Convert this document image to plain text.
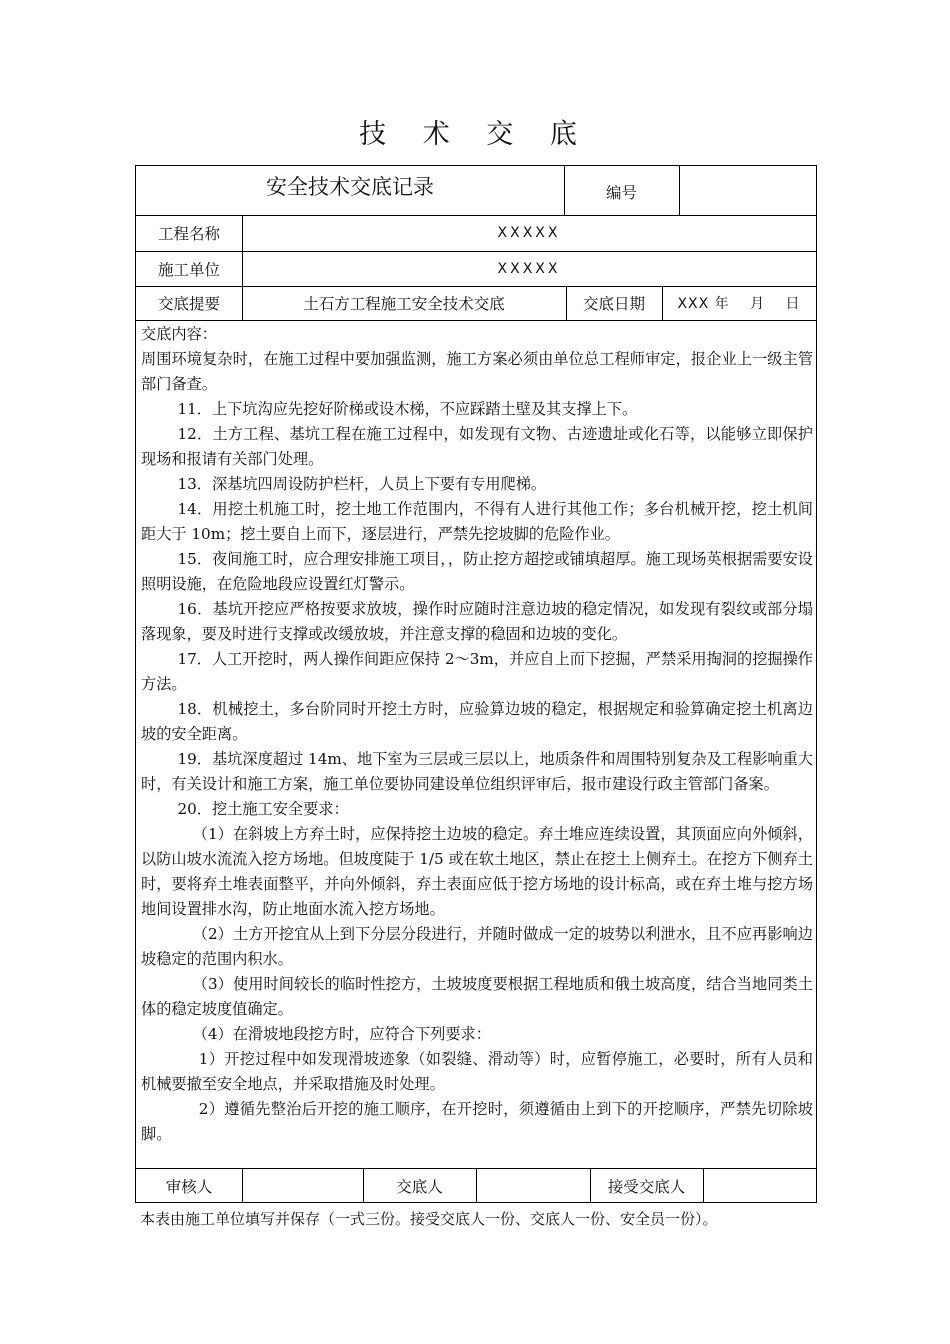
技 术 交 底
安全技术交底记录	编号
工程名称	XXXXX
施工单位	XXXXX
交底提要	土石方工程施工安全技术交底	交底日期	XXX 年　 月　 日

交底内容：

周围环境复杂时，在施工过程中要加强监测，施工方案必须由单位总工程师审定，报企业上一级主管部门备查。

11．上下坑沟应先挖好阶梯或设木梯，不应踩踏土壁及其支撑上下。

12．土方工程、基坑工程在施工过程中，如发现有文物、古迹遗址或化石等，以能够立即保护现场和报请有关部门处理。

13．深基坑四周设防护栏杆，人员上下要有专用爬梯。

14．用挖土机施工时，挖土地工作范围内，不得有人进行其他工作；多台机械开挖，挖土机间距大于 10m；挖土要自上而下，逐层进行，严禁先挖坡脚的危险作业。

15．夜间施工时，应合理安排施工项目，，防止挖方超挖或铺填超厚。施工现场英根据需要安设照明设施，在危险地段应设置红灯警示。

16．基坑开挖应严格按要求放坡，操作时应随时注意边坡的稳定情况，如发现有裂纹或部分塌落现象，要及时进行支撑或改缓放坡，并注意支撑的稳固和边坡的变化。

17．人工开挖时，两人操作间距应保持 2～3m，并应自上而下挖掘，严禁采用掏洞的挖掘操作方法。

18．机械挖土，多台阶同时开挖土方时，应验算边坡的稳定，根据规定和验算确定挖土机离边坡的安全距离。

19．基坑深度超过 14m、地下室为三层或三层以上，地质条件和周围特别复杂及工程影响重大时，有关设计和施工方案，施工单位要协同建设单位组织评审后，报市建设行政主管部门备案。

20．挖土施工安全要求：

（1）在斜坡上方弃土时，应保持挖土边坡的稳定。弃土堆应连续设置，其顶面应向外倾斜，以防山坡水流流入挖方场地。但坡度陡于 1/5 或在软土地区，禁止在挖土上侧弃土。在挖方下侧弃土时，要将弃土堆表面整平，并向外倾斜，弃土表面应低于挖方场地的设计标高，或在弃土堆与挖方场地间设置排水沟，防止地面水流入挖方场地。

（2）土方开挖宜从上到下分层分段进行，并随时做成一定的坡势以利泄水，且不应再影响边坡稳定的范围内积水。

（3）使用时间较长的临时性挖方，土坡坡度要根据工程地质和俄土坡高度，结合当地同类土体的稳定坡度值确定。

（4）在滑坡地段挖方时，应符合下列要求：

1）开挖过程中如发现滑坡迹象（如裂缝、滑动等）时，应暂停施工，必要时，所有人员和机械要撤至安全地点，并采取措施及时处理。

2）遵循先整治后开挖的施工顺序，在开挖时，须遵循由上到下的开挖顺序，严禁先切除坡脚。

审核人	交底人	接受交底人
本表由施工单位填写并保存（一式三份。接受交底人一份、交底人一份、安全员一份）。
